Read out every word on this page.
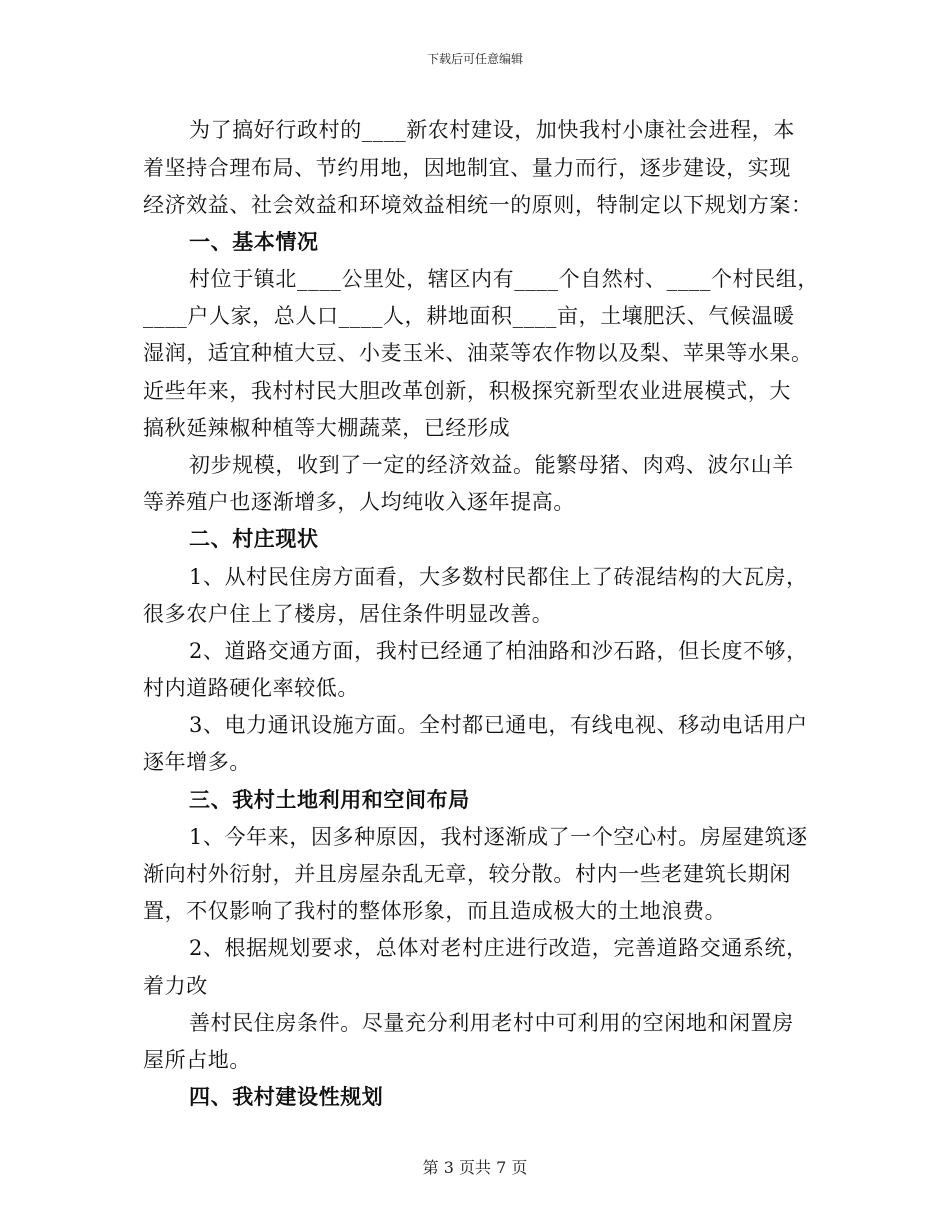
下载后可任意编辑
为了搞好行政村的____新农村建设，加快我村小康社会进程，本
着坚持合理布局、节约用地，因地制宜、量力而行，逐步建设，实现
经济效益、社会效益和环境效益相统一的原则，特制定以下规划方案：
一、基本情况
村位于镇北____公里处，辖区内有____个自然村、____个村民组，
____户人家，总人口____人，耕地面积____亩，土壤肥沃、气候温暖
湿润，适宜种植大豆、小麦玉米、油菜等农作物以及梨、苹果等水果。
近些年来，我村村民大胆改革创新，积极探究新型农业进展模式，大
搞秋延辣椒种植等大棚蔬菜，已经形成
初步规模，收到了一定的经济效益。能繁母猪、肉鸡、波尔山羊
等养殖户也逐渐增多，人均纯收入逐年提高。
二、村庄现状
1、从村民住房方面看，大多数村民都住上了砖混结构的大瓦房，
很多农户住上了楼房，居住条件明显改善。
2、道路交通方面，我村已经通了柏油路和沙石路，但长度不够，
村内道路硬化率较低。
3、电力通讯设施方面。全村都已通电，有线电视、移动电话用户
逐年增多。
三、我村土地利用和空间布局
1、今年来，因多种原因，我村逐渐成了一个空心村。房屋建筑逐
渐向村外衍射，并且房屋杂乱无章，较分散。村内一些老建筑长期闲
置，不仅影响了我村的整体形象，而且造成极大的土地浪费。
2、根据规划要求，总体对老村庄进行改造，完善道路交通系统，
着力改
善村民住房条件。尽量充分利用老村中可利用的空闲地和闲置房
屋所占地。
四、我村建设性规划
第 3 页共 7 页
